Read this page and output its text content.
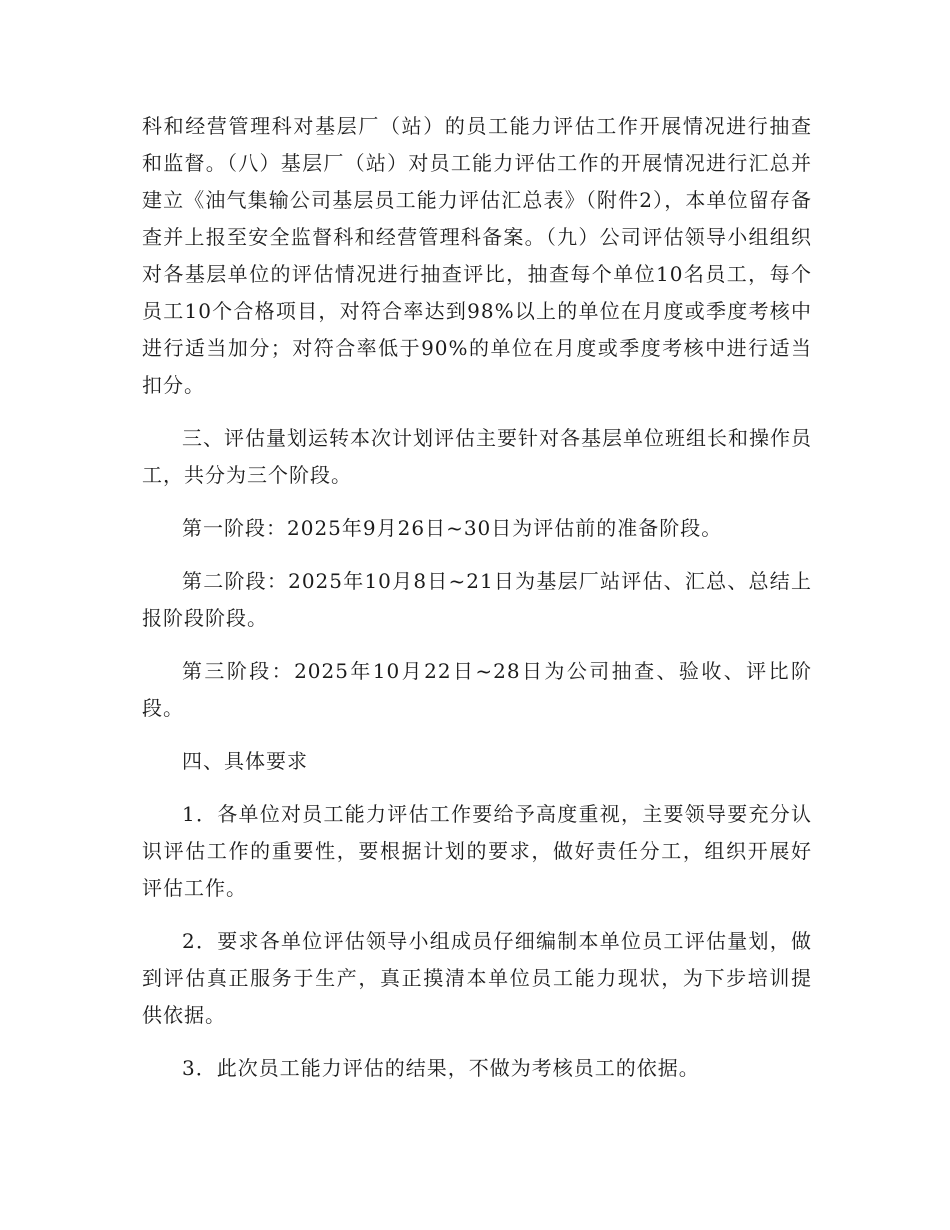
科和经营管理科对基层厂（站）的员工能力评估工作开展情况进行抽查和监督。（八）基层厂（站）对员工能力评估工作的开展情况进行汇总并建立《油气集输公司基层员工能力评估汇总表》（附件2），本单位留存备查并上报至安全监督科和经营管理科备案。（九）公司评估领导小组组织对各基层单位的评估情况进行抽查评比，抽查每个单位10名员工，每个员工10个合格项目，对符合率达到98%以上的单位在月度或季度考核中进行适当加分；对符合率低于90%的单位在月度或季度考核中进行适当扣分。

三、评估量划运转本次计划评估主要针对各基层单位班组长和操作员工，共分为三个阶段。

第一阶段：2025年9月26日~30日为评估前的准备阶段。

第二阶段：2025年10月8日~21日为基层厂站评估、汇总、总结上报阶段阶段。

第三阶段：2025年10月22日~28日为公司抽查、验收、评比阶段。

四、具体要求

1．各单位对员工能力评估工作要给予高度重视，主要领导要充分认识评估工作的重要性，要根据计划的要求，做好责任分工，组织开展好评估工作。

2．要求各单位评估领导小组成员仔细编制本单位员工评估量划，做到评估真正服务于生产，真正摸清本单位员工能力现状，为下步培训提供依据。

3．此次员工能力评估的结果，不做为考核员工的依据。
